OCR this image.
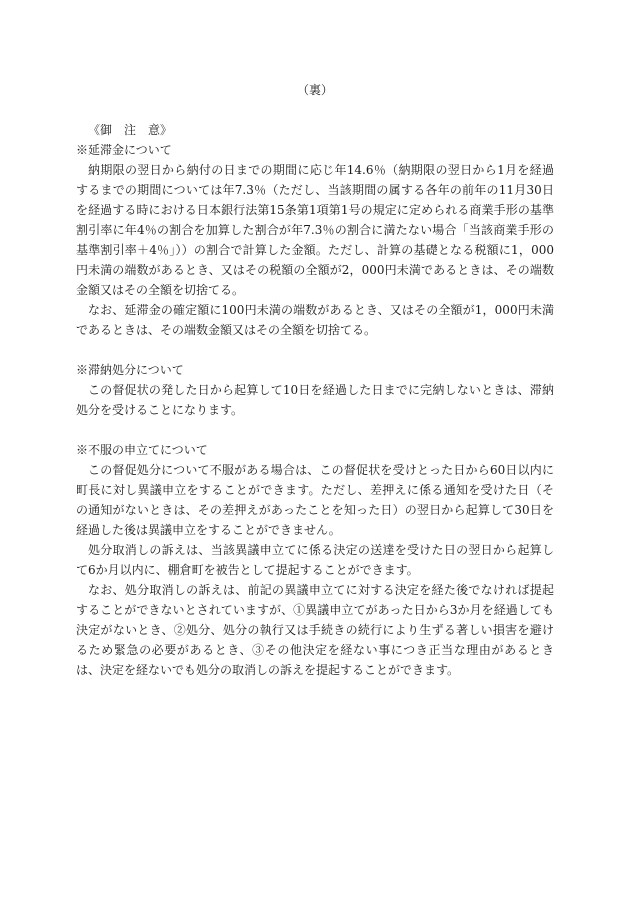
（裏）

《御　注　意》

※延滞金について

納期限の翌日から納付の日までの期間に応じ年14.6％（納期限の翌日から1月を経過するまでの期間については年7.3％（ただし、当該期間の属する各年の前年の11月30日を経過する時における日本銀行法第15条第1項第1号の規定に定められる商業手形の基準割引率に年4％の割合を加算した割合が年7.3％の割合に満たない場合「当該商業手形の基準割引率＋4％」））の割合で計算した金額。ただし、計算の基礎となる税額に1，000円未満の端数があるとき、又はその税額の全額が2，000円未満であるときは、その端数金額又はその全額を切捨てる。

なお、延滞金の確定額に100円未満の端数があるとき、又はその全額が1，000円未満であるときは、その端数金額又はその全額を切捨てる。

※滞納処分について

この督促状の発した日から起算して10日を経過した日までに完納しないときは、滞納処分を受けることになります。

※不服の申立てについて

この督促処分について不服がある場合は、この督促状を受けとった日から60日以内に町長に対し異議申立をすることができます。ただし、差押えに係る通知を受けた日（その通知がないときは、その差押えがあったことを知った日）の翌日から起算して30日を経過した後は異議申立をすることができません。

処分取消しの訴えは、当該異議申立てに係る決定の送達を受けた日の翌日から起算して6か月以内に、棚倉町を被告として提起することができます。

なお、処分取消しの訴えは、前記の異議申立てに対する決定を経た後でなければ提起することができないとされていますが、①異議申立てがあった日から3か月を経過しても決定がないとき、②処分、処分の執行又は手続きの続行により生ずる著しい損害を避けるため緊急の必要があるとき、③その他決定を経ない事につき正当な理由があるときは、決定を経ないでも処分の取消しの訴えを提起することができます。
